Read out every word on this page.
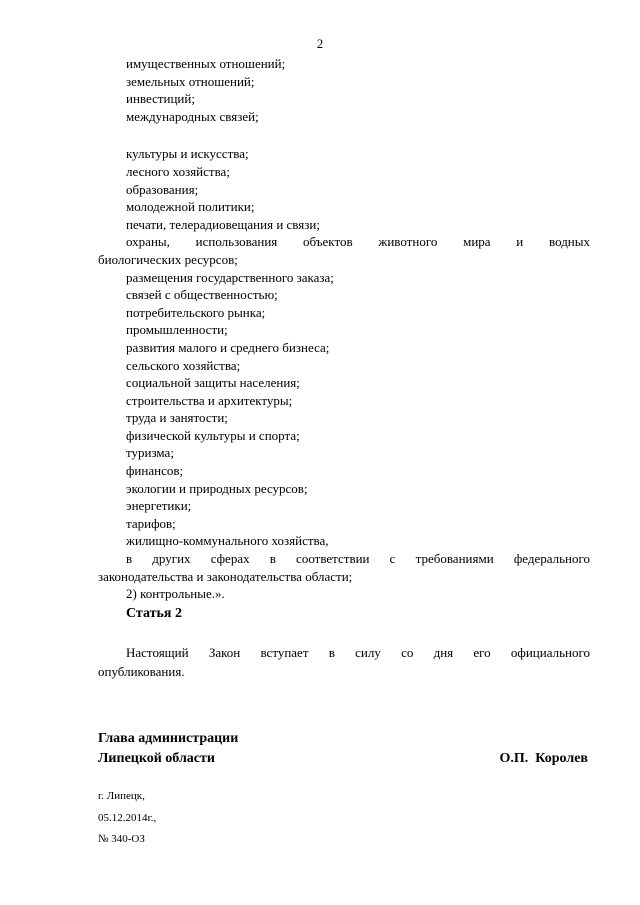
2
имущественных отношений;
земельных отношений;
инвестиций;
международных связей;
культуры и искусства;
лесного хозяйства;
образования;
молодежной политики;
печати, телерадиовещания и связи;
охраны, использования объектов животного мира и водных
биологических ресурсов;
размещения государственного заказа;
связей с общественностью;
потребительского рынка;
промышленности;
развития малого и среднего бизнеса;
сельского хозяйства;
социальной защиты населения;
строительства и архитектуры;
труда и занятости;
физической культуры и спорта;
туризма;
финансов;
экологии и природных ресурсов;
энергетики;
тарифов;
жилищно-коммунального хозяйства,
в других сферах в соответствии с требованиями федерального
законодательства и законодательства области;
2) контрольные.».
Статья 2
Настоящий Закон вступает в силу со дня его официального
опубликования.
Глава администрации
Липецкой области	О.П.  Королев
г. Липецк,
05.12.2014г.,
№ 340-ОЗ
